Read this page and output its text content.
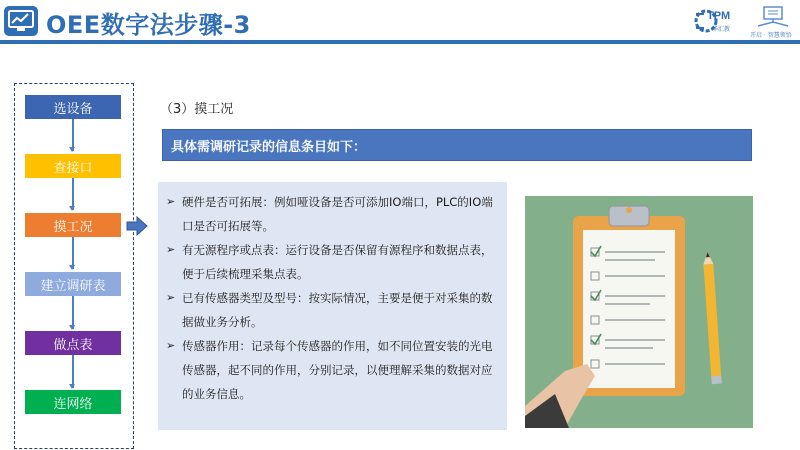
OEE数字法步骤-3	TPM
华汇教
开启 · 智慧领悟
选设备
查接口
摸工况
建立调研表
做点表
连网络
（3）摸工况
具体需调研记录的信息条目如下：
➢ 硬件是否可拓展：例如哑设备是否可添加IO端口，PLC的IO端口是否可拓展等。
➢ 有无源程序或点表：运行设备是否保留有源程序和数据点表，便于后续梳理采集点表。
➢ 已有传感器类型及型号：按实际情况，主要是便于对采集的数据做业务分析。
➢ 传感器作用：记录每个传感器的作用，如不同位置安装的光电传感器，起不同的作用，分别记录，以便理解采集的数据对应的业务信息。
